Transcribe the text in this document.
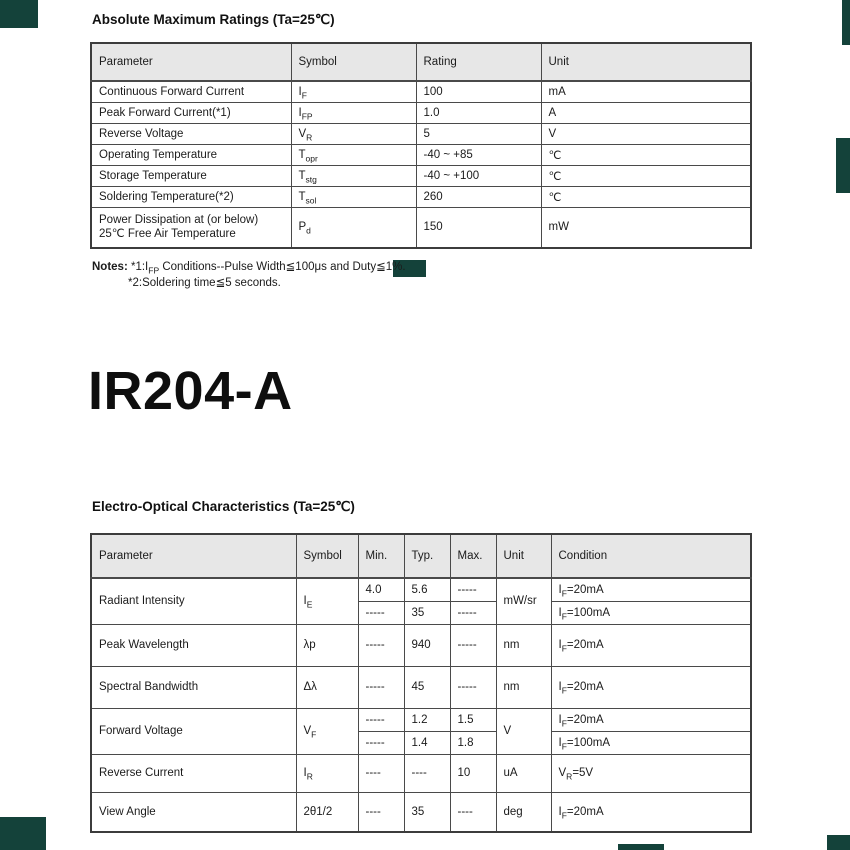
Absolute Maximum Ratings (Ta=25℃)
Parameter	Symbol	Rating	Unit
Continuous Forward Current	$I_F$	100	mA
Peak Forward Current(*1)	$I_{FP}$	1.0	A
Reverse Voltage	$V_R$	5	V
Operating Temperature	$T_{opr}$	-40 ~ +85	℃
Storage Temperature	$T_{stg}$	-40 ~ +100	℃
Soldering Temperature(*2)	$T_{sol}$	260	℃

Power Dissipation at (or below)
25℃ Free Air Temperature	$P_d$	150	mW
Notes: $*1:I_{FP}$ Conditions--Pulse Width≦100μs and Duty≦1%.
*2:Soldering time≦5 seconds.
IR204-A
Electro-Optical Characteristics (Ta=25℃)
Parameter	Symbol	Min.	Typ.	Max.	Unit	Condition
Radiant Intensity	$I_E$	4.0	5.6	-----	mW/sr	$I_F=20mA$
		-----	35	-----		$I_F=100mA$
Peak Wavelength	λp	-----	940	-----	nm	$I_F=20mA$
Spectral Bandwidth	Δλ	-----	45	-----	nm	$I_F=20mA$
Forward Voltage	$V_F$	-----	1.2	1.5	V	$I_F=20mA$
		-----	1.4	1.8		$I_F=100mA$
Reverse Current	$I_R$	----	----	10	uA	$V_R=5V$
View Angle	2θ1/2	----	35	----	deg	$I_F=20mA$
